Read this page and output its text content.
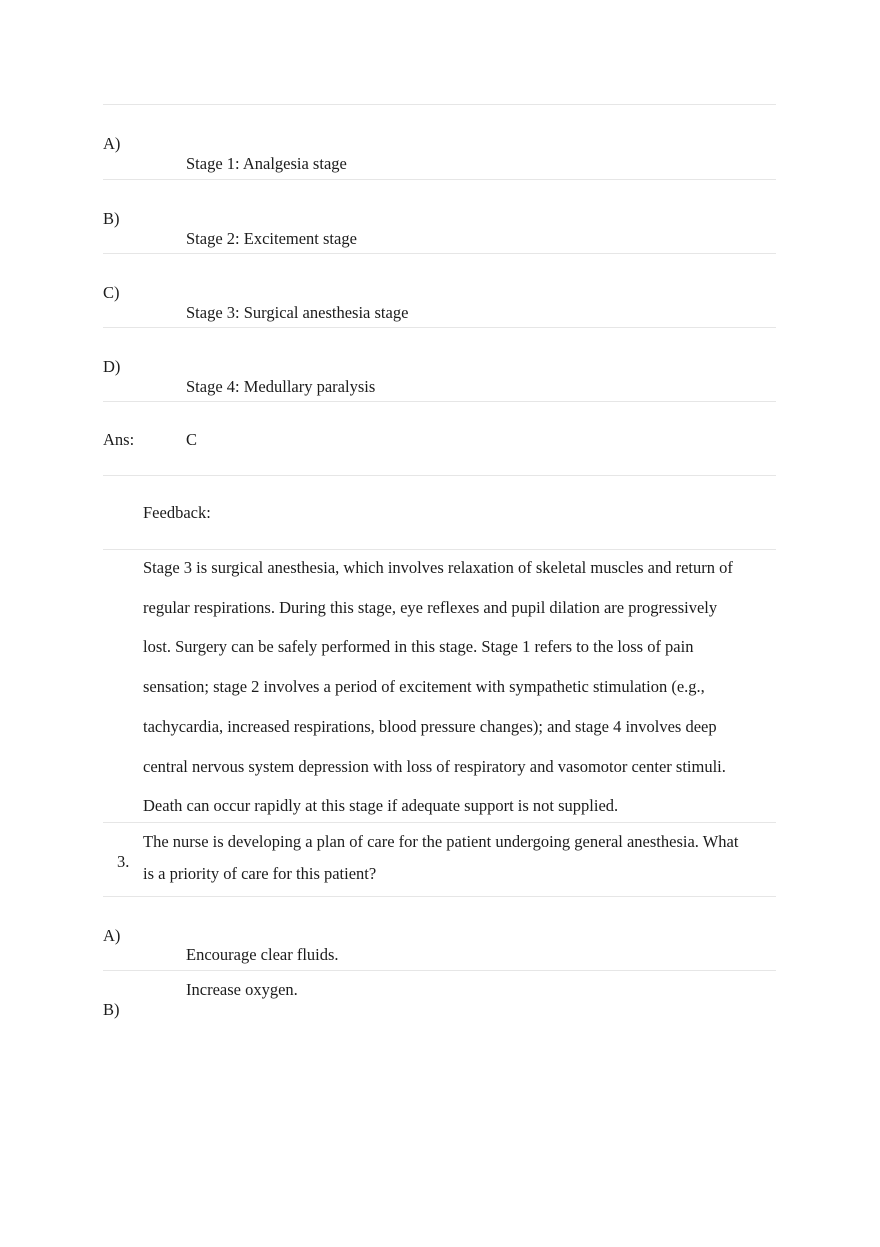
A)
Stage 1: Analgesia stage
B)
Stage 2: Excitement stage
C)
Stage 3: Surgical anesthesia stage
D)
Stage 4: Medullary paralysis
Ans:	C
Feedback:
Stage 3 is surgical anesthesia, which involves relaxation of skeletal muscles and return of
regular respirations. During this stage, eye reflexes and pupil dilation are progressively
lost. Surgery can be safely performed in this stage. Stage 1 refers to the loss of pain
sensation; stage 2 involves a period of excitement with sympathetic stimulation (e.g.,
tachycardia, increased respirations, blood pressure changes); and stage 4 involves deep
central nervous system depression with loss of respiratory and vasomotor center stimuli.
Death can occur rapidly at this stage if adequate support is not supplied.
3.
The nurse is developing a plan of care for the patient undergoing general anesthesia. What
is a priority of care for this patient?
A)
Encourage clear fluids.
Increase oxygen.
B)
